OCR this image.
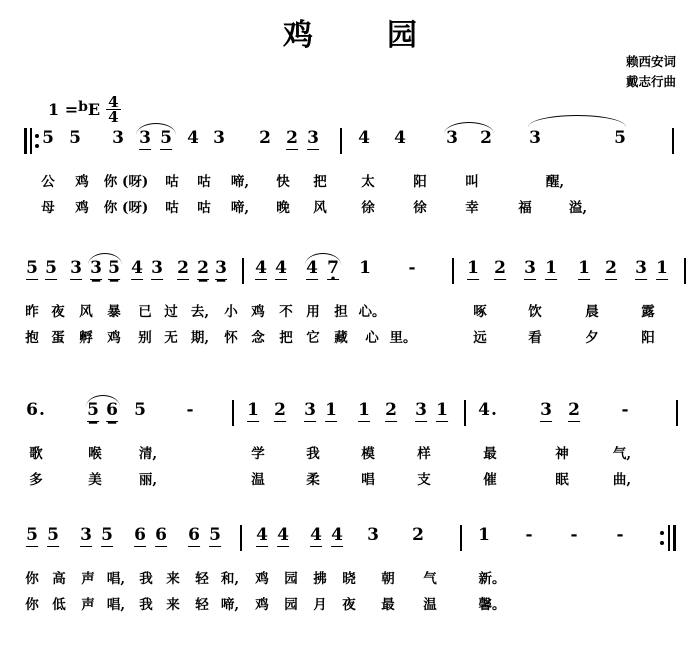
鸡　园
赖西安词
戴志行曲
1 = b E $\frac{4}{4}$
5 5 3 3 5 4 3 2 2 3 4 4 3 2 3	5
公 鸡 你 (呀) 咕 咕 啼, 快 把	太	阳	叫	醒,
母 鸡 你 (呀) 咕 咕 啼, 晚 风	徐	徐	幸	福	溢,
5 5 3 3 5 4 3 2 2 3 4 4 4 7 · 1 -	1 2 3 1 1 2 3 1
昨 夜 风 暴 已 过 去, 小 鸡 不 用 担 心。	啄	饮	晨	露
抱 蛋 孵 鸡 别 无 期, 怀 念 把 它 藏 心 里。	远	看	夕	阳
6. 5 6 5 -	1 2 3 1 1 2 3 1 4. 3 2 -
歌	喉	清,	学	我	模	样	最	神	气,
多	美	丽,	温	柔	唱	支	催	眠	曲,
5 5 3 5 6 6 6 5 4 4 4 4 3 2	1 - - -
你 高 声 唱, 我 来 轻 和, 鸡 园 拂 晓 朝 气	新。
你 低 声 唱, 我 来 轻 啼, 鸡 园 月 夜 最 温	馨。
